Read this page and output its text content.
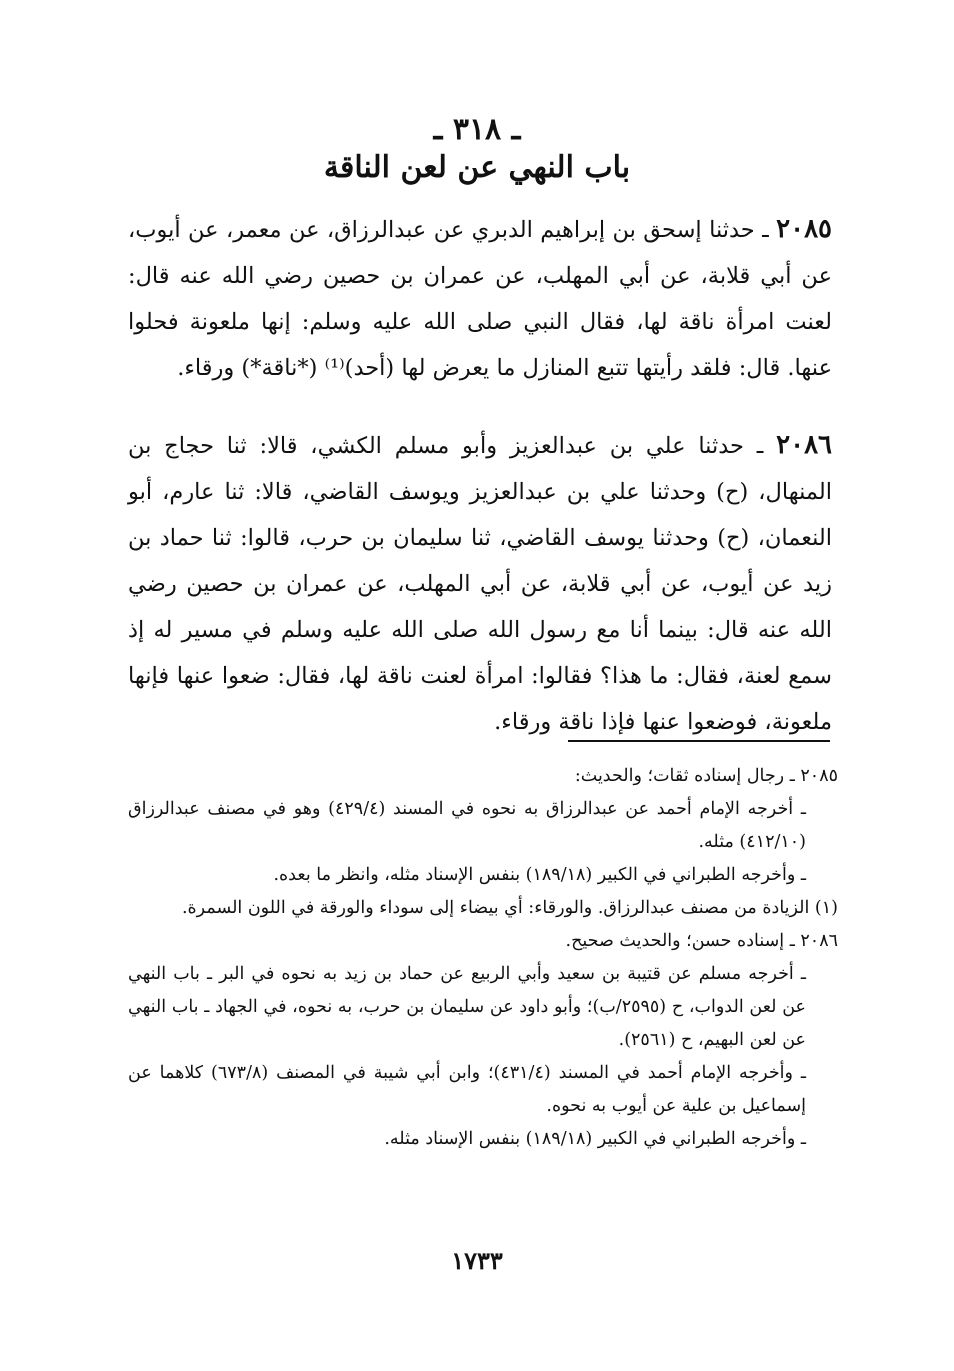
ـ ٣١٨ ـ
باب النهي عن لعن الناقة
٢٠٨٥ ـ حدثنا إسحق بن إبراهيم الدبري عن عبدالرزاق، عن معمر، عن أيوب، عن أبي قلابة، عن أبي المهلب، عن عمران بن حصين رضي الله عنه قال: لعنت امرأة ناقة لها، فقال النبي صلى الله عليه وسلم: إنها ملعونة فحلوا عنها. قال: فلقد رأيتها تتبع المنازل ما يعرض لها (أحد)⁽¹⁾ (*ناقة*) ورقاء.
٢٠٨٦ ـ حدثنا علي بن عبدالعزيز وأبو مسلم الكشي، قالا: ثنا حجاج بن المنهال، (ح) وحدثنا علي بن عبدالعزيز ويوسف القاضي، قالا: ثنا عارم، أبو النعمان، (ح) وحدثنا يوسف القاضي، ثنا سليمان بن حرب، قالوا: ثنا حماد بن زيد عن أيوب، عن أبي قلابة، عن أبي المهلب، عن عمران بن حصين رضي الله عنه قال: بينما أنا مع رسول الله صلى الله عليه وسلم في مسير له إذ سمع لعنة، فقال: ما هذا؟ فقالوا: امرأة لعنت ناقة لها، فقال: ضعوا عنها فإنها ملعونة، فوضعوا عنها فإذا ناقة ورقاء.

٢٠٨٥ ـ رجال إسناده ثقات؛ والحديث:

ـ أخرجه الإمام أحمد عن عبدالرزاق به نحوه في المسند (٤٢٩/٤) وهو في مصنف عبدالرزاق (٤١٢/١٠) مثله.

ـ وأخرجه الطبراني في الكبير (١٨٩/١٨) بنفس الإسناد مثله، وانظر ما بعده.

(١) الزيادة من مصنف عبدالرزاق. والورقاء: أي بيضاء إلى سوداء والورقة في اللون السمرة.

٢٠٨٦ ـ إسناده حسن؛ والحديث صحيح.

ـ أخرجه مسلم عن قتيبة بن سعيد وأبي الربيع عن حماد بن زيد به نحوه في البر ـ باب النهي عن لعن الدواب، ح (٢٥٩٥/ب)؛ وأبو داود عن سليمان بن حرب، به نحوه، في الجهاد ـ باب النهي عن لعن البهيم، ح (٢٥٦١).

ـ وأخرجه الإمام أحمد في المسند (٤٣١/٤)؛ وابن أبي شيبة في المصنف (٦٧٣/٨) كلاهما عن إسماعيل بن علية عن أيوب به نحوه.

ـ وأخرجه الطبراني في الكبير (١٨٩/١٨) بنفس الإسناد مثله.

١٧٣٣
